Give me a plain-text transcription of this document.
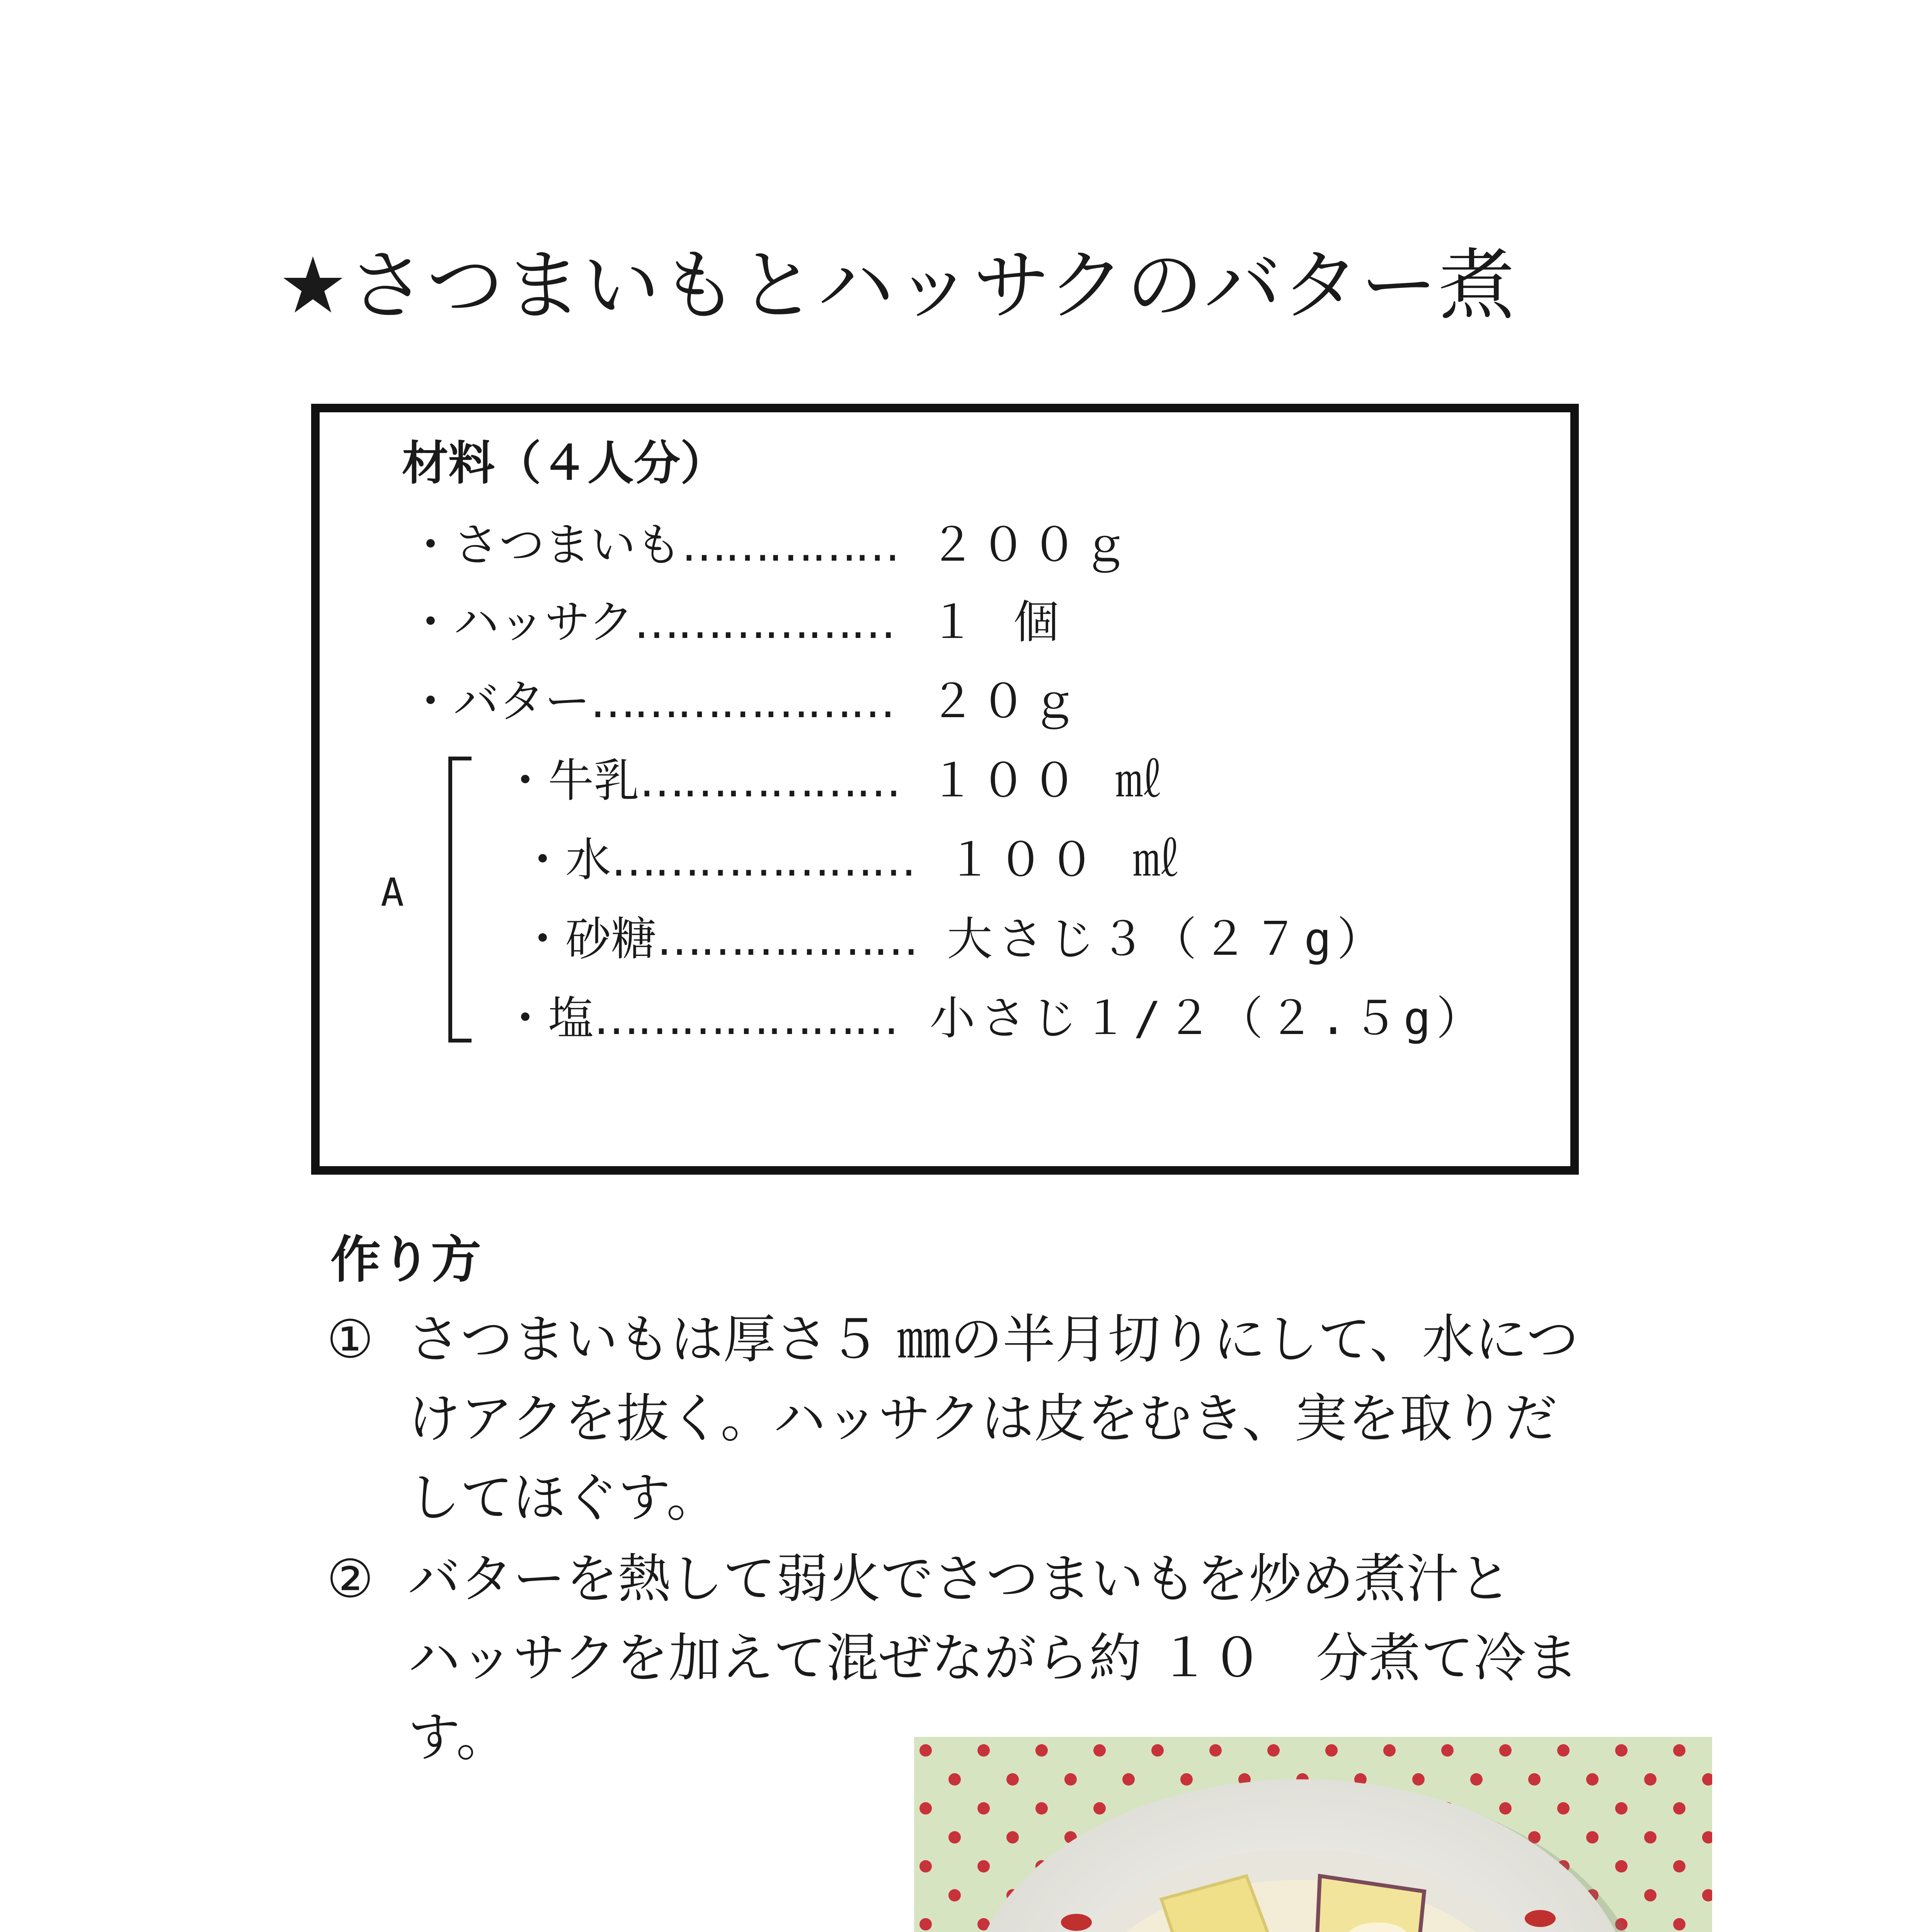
★さつまいもとハッサクのバター煮
材料（４人分）
・さつまいも…………… ２００ｇ
・ハッサク……………… １ 個
・バター………………… ２０ｇ
A
・牛乳……………… １００ ㎖
・水………………… １００ ㎖
・砂糖……………… 大さじ３（２７g）
・塩………………… 小さじ１/２（２.５g）
作り方
① さつまいもは厚さ５ ㎜の半月切りにして、水につ
けアクを抜く。ハッサクは皮をむき、実を取りだ
してほぐす。
② バターを熱して弱火でさつまいもを炒め煮汁と
ハッサクを加えて混ぜながら約 １０　分煮て冷ま
す。
